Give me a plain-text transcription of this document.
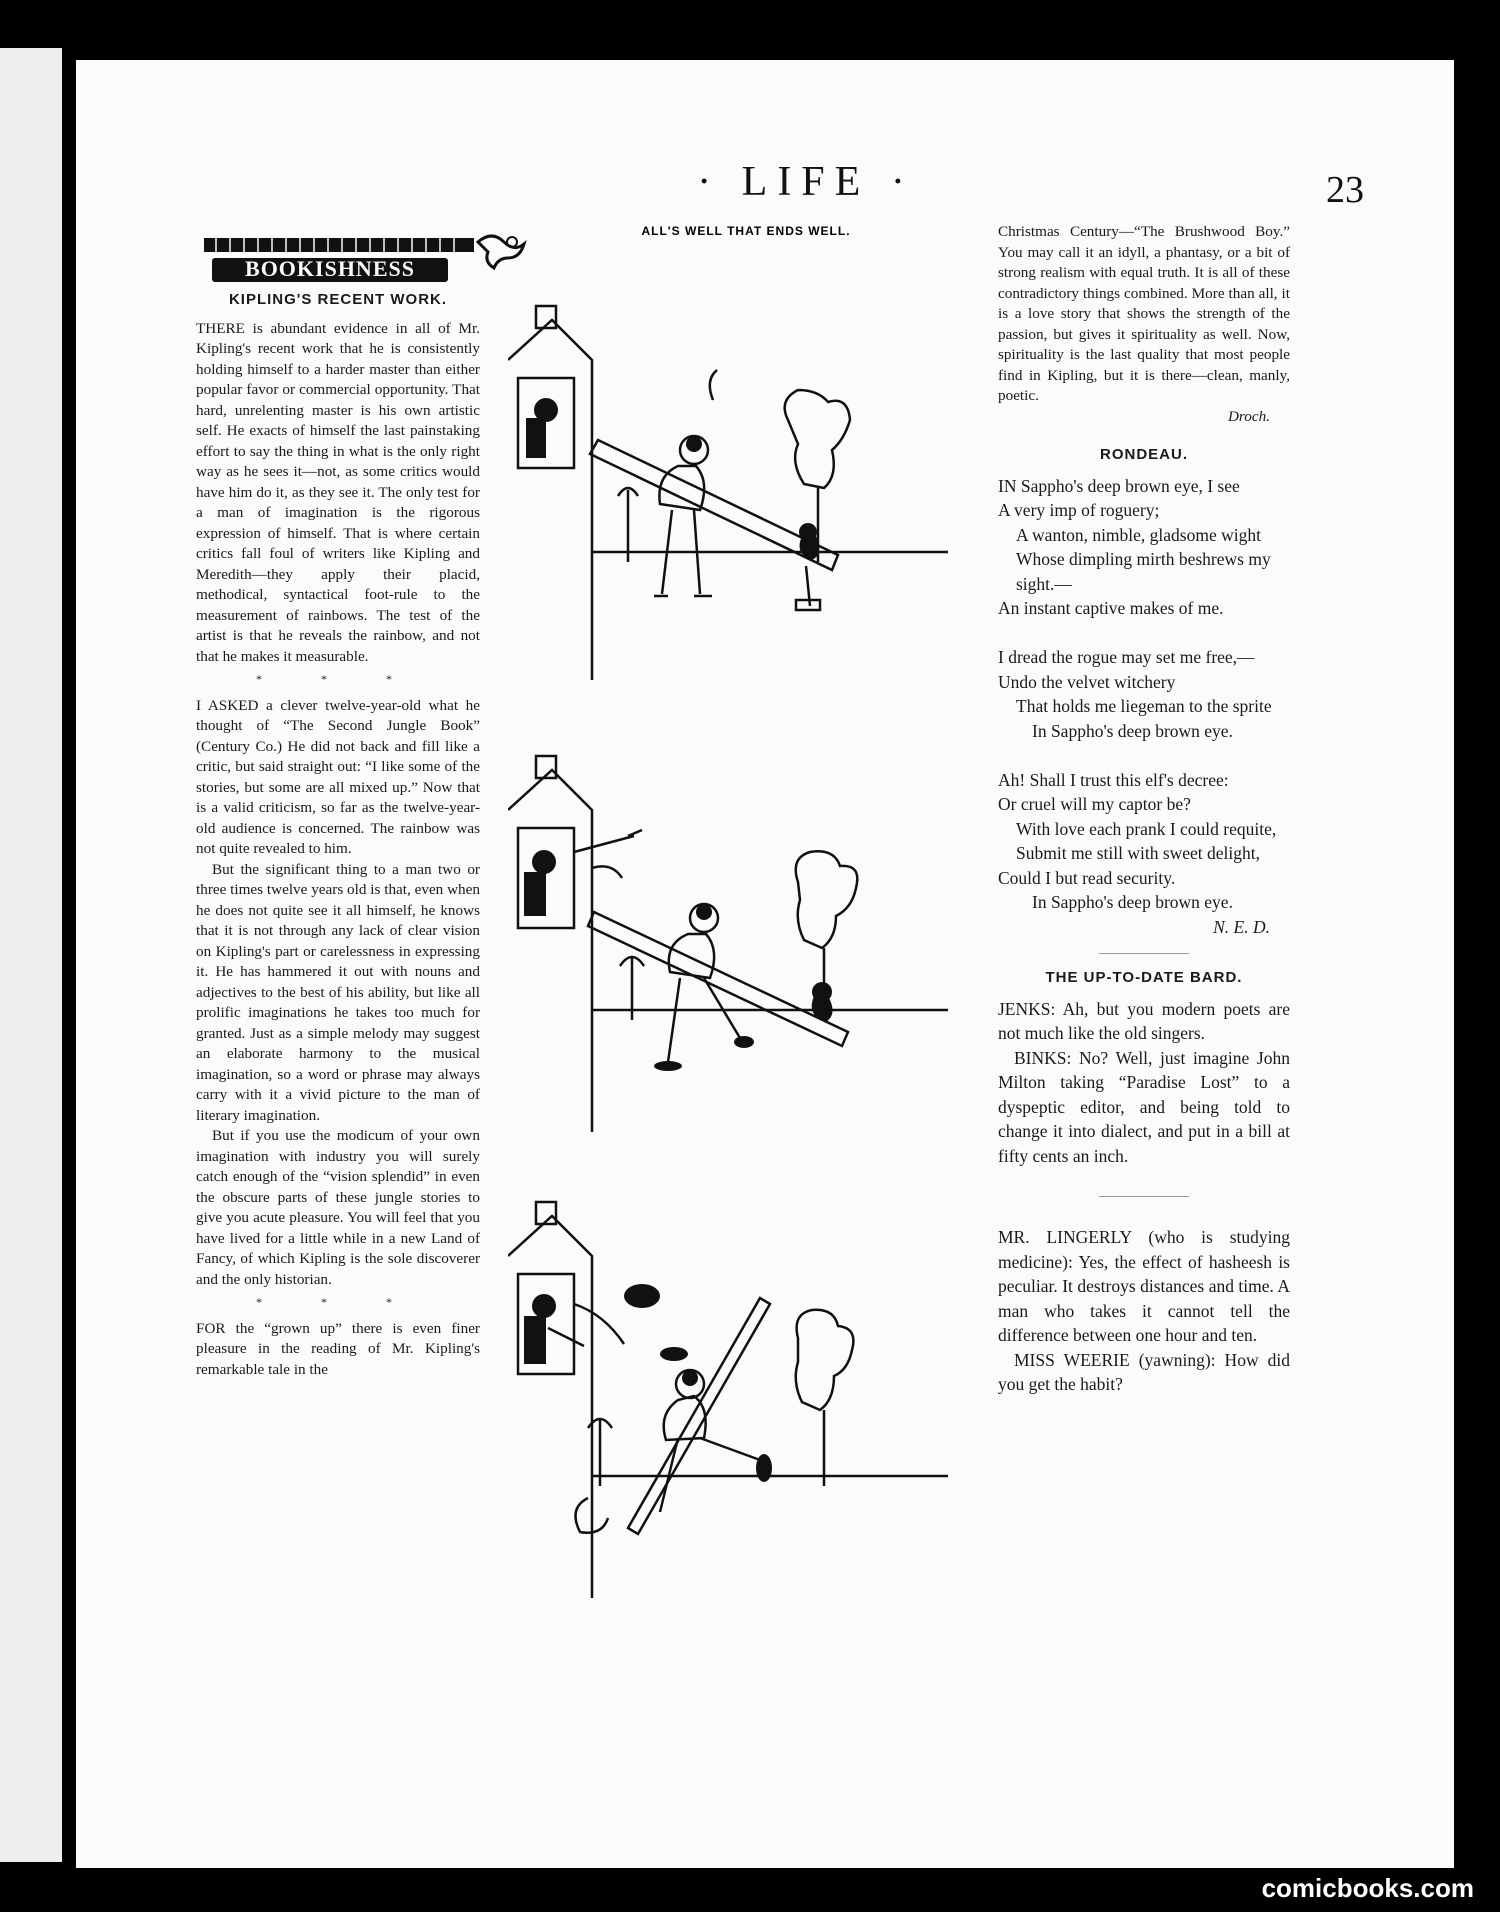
· LIFE ·	23
BOOKISHNESS
KIPLING'S RECENT WORK.

THERE is abundant evidence in all of Mr. Kipling's recent work that he is consistently holding himself to a harder master than either popular favor or commercial opportunity. That hard, unrelenting master is his own artistic self. He exacts of himself the last painstaking effort to say the thing in what is the only right way as he sees it—not, as some critics would have him do it, as they see it. The only test for a man of imagination is the rigorous expression of himself. That is where certain critics fall foul of writers like Kipling and Meredith—they apply their placid, methodical, syntactical foot-rule to the measurement of rainbows. The test of the artist is that he reveals the rainbow, and not that he makes it measurable.

* * *

I ASKED a clever twelve-year-old what he thought of “The Second Jungle Book” (Century Co.) He did not back and fill like a critic, but said straight out: “I like some of the stories, but some are all mixed up.” Now that is a valid criticism, so far as the twelve-year-old audience is concerned. The rainbow was not quite revealed to him.

But the significant thing to a man two or three times twelve years old is that, even when he does not quite see it all himself, he knows that it is not through any lack of clear vision on Kipling's part or carelessness in expressing it. He has hammered it out with nouns and adjectives to the best of his ability, but like all prolific imaginations he takes too much for granted. Just as a simple melody may suggest an elaborate harmony to the musical imagination, so a word or phrase may always carry with it a vivid picture to the man of literary imagination.

But if you use the modicum of your own imagination with industry you will surely catch enough of the “vision splendid” in even the obscure parts of these jungle stories to give you acute pleasure. You will feel that you have lived for a little while in a new Land of Fancy, of which Kipling is the sole discoverer and the only historian.

* * *

FOR the “grown up” there is even finer pleasure in the reading of Mr. Kipling's remarkable tale in the

ALL'S WELL THAT ENDS WELL.	Christmas Century—“The Brushwood Boy.” You may call it an idyll, a phantasy, or a bit of strong realism with equal truth. It is all of these contradictory things combined. More than all, it is a love story that shows the strength of the passion, but gives it spirituality as well. Now, spirituality is the last quality that most people find in Kipling, but it is there—clean, manly, poetic.

Droch.
RONDEAU.
IN Sappho's deep brown eye, I see
A very imp of roguery;
A wanton, nimble, gladsome wight
Whose dimpling mirth beshrews my sight.—
An instant captive makes of me.

I dread the rogue may set me free,—
Undo the velvet witchery
That holds me liegeman to the sprite
In Sappho's deep brown eye.

Ah! Shall I trust this elf's decree:
Or cruel will my captor be?
With love each prank I could requite,
Submit me still with sweet delight,
Could I but read security.
In Sappho's deep brown eye.
N. E. D.
THE UP-TO-DATE BARD.

JENKS: Ah, but you modern poets are not much like the old singers.

BINKS: No? Well, just imagine John Milton taking “Paradise Lost” to a dyspeptic editor, and being told to change it into dialect, and put in a bill at fifty cents an inch.

MR. LINGERLY (who is studying medicine): Yes, the effect of hasheesh is peculiar. It destroys distances and time. A man who takes it cannot tell the difference between one hour and ten.

MISS WEERIE (yawning): How did you get the habit?

comicbooks.com
